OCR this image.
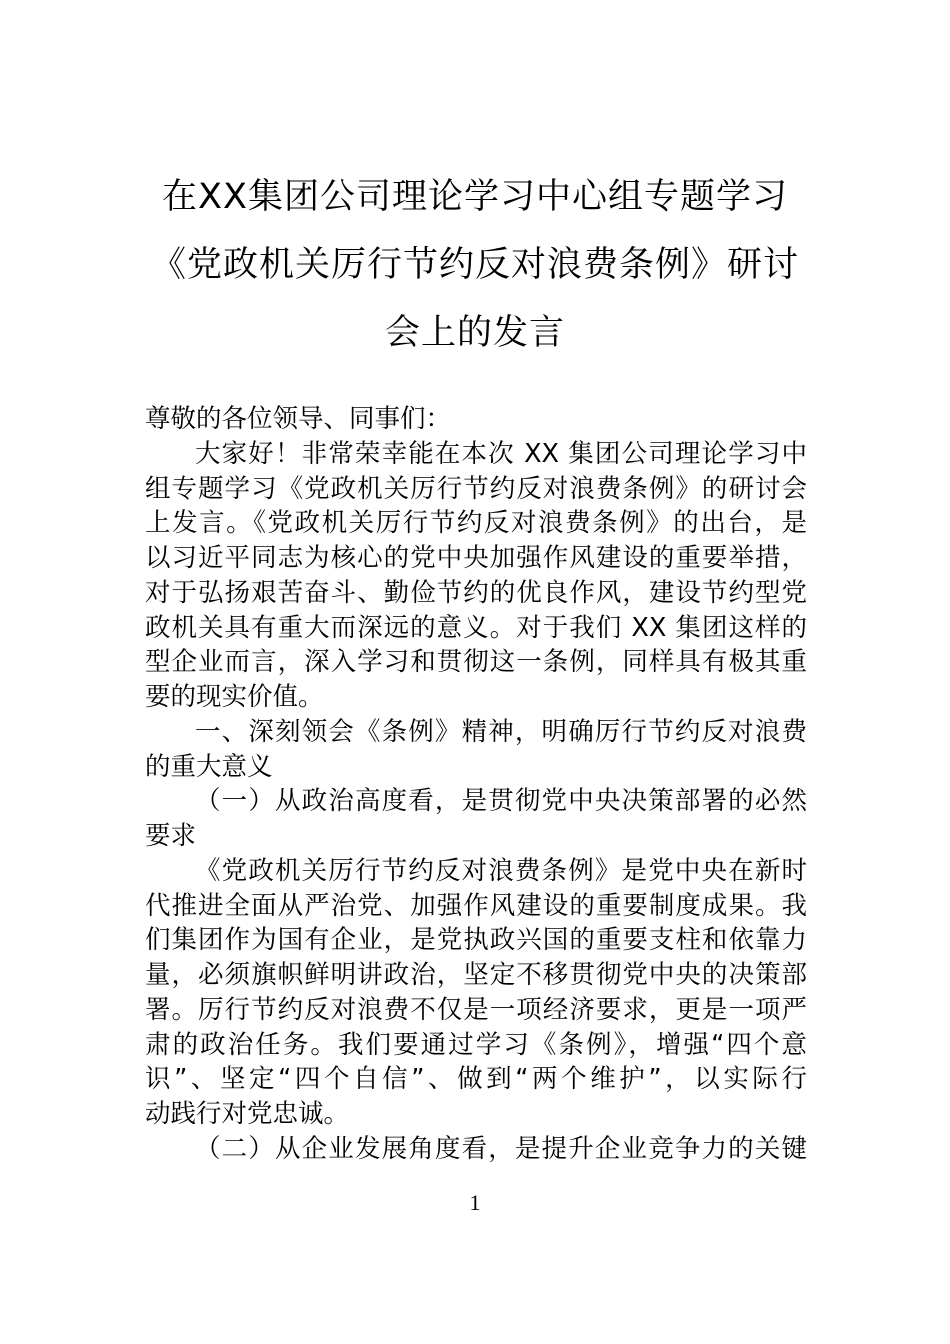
在XX集团公司理论学习中心组专题学习
《党政机关厉行节约反对浪费条例》研讨
会上的发言
尊敬的各位领导、同事们：
大家好！非常荣幸能在本次 XX 集团公司理论学习中
组专题学习《党政机关厉行节约反对浪费条例》的研讨会
上发言。《党政机关厉行节约反对浪费条例》的出台，是
以习近平同志为核心的党中央加强作风建设的重要举措，
对于弘扬艰苦奋斗、勤俭节约的优良作风，建设节约型党
政机关具有重大而深远的意义。对于我们 XX 集团这样的
型企业而言，深入学习和贯彻这一条例，同样具有极其重
要的现实价值。
一、深刻领会《条例》精神，明确厉行节约反对浪费
的重大意义
（一）从政治高度看，是贯彻党中央决策部署的必然
要求
《党政机关厉行节约反对浪费条例》是党中央在新时
代推进全面从严治党、加强作风建设的重要制度成果。我
们集团作为国有企业，是党执政兴国的重要支柱和依靠力
量，必须旗帜鲜明讲政治，坚定不移贯彻党中央的决策部
署。厉行节约反对浪费不仅是一项经济要求，更是一项严
肃的政治任务。我们要通过学习《条例》，增强“四个意
识”、坚定“四个自信”、做到“两个维护”，以实际行
动践行对党忠诚。
（二）从企业发展角度看，是提升企业竞争力的关键
1
